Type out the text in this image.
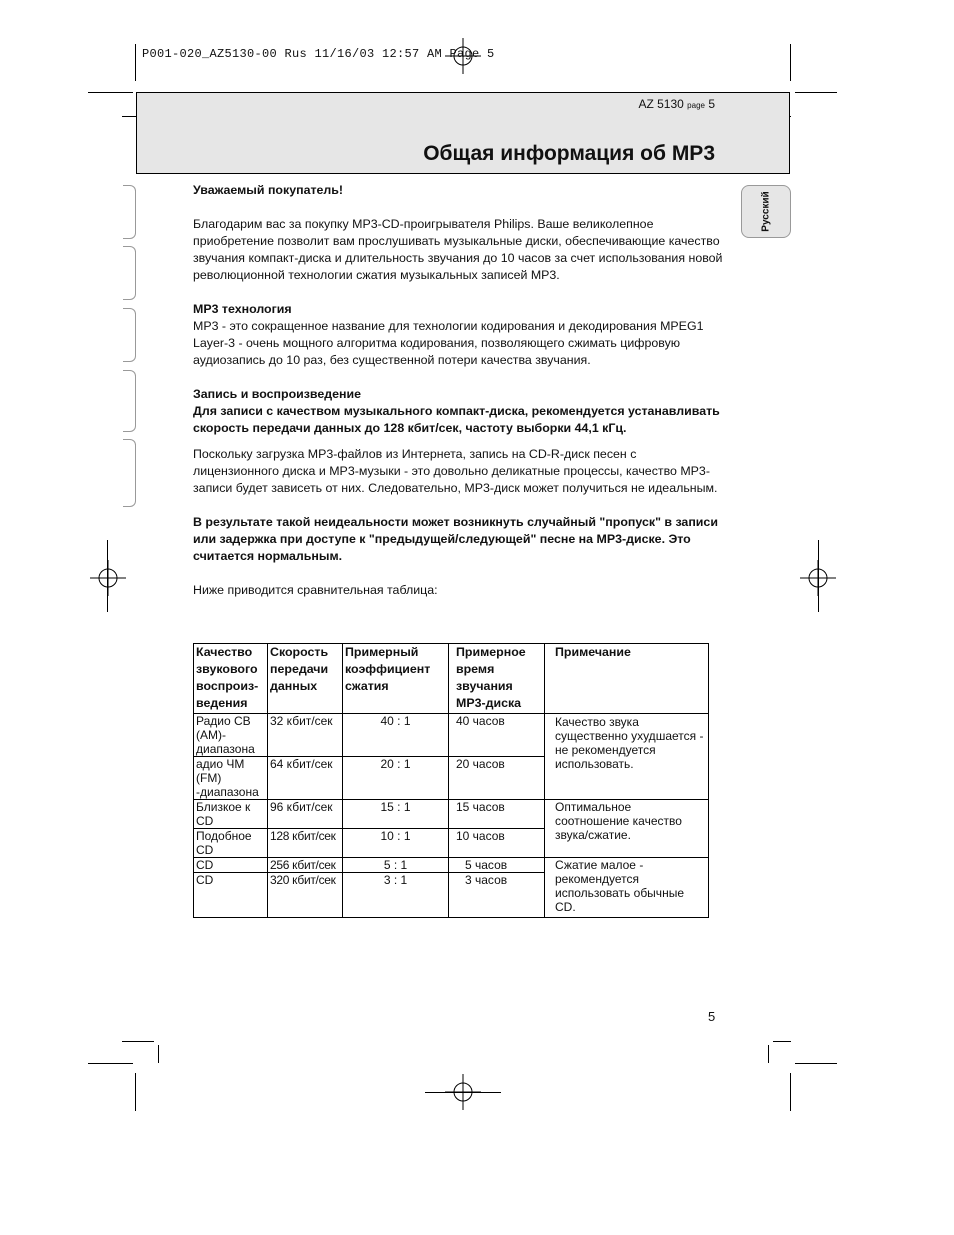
P001-020_AZ5130-00 Rus 11/16/03 12:57 AM Page 5
AZ 5130 page 5
Общая информация об MP3
Русский

Уважаемый покупатель!

Благодарим вас за покупку MP3-CD-проигрывателя Philips. Ваше великолепное приобретение позволит вам прослушивать музыкальные диски, обеспечивающие качество звучания компакт-диска и длительность звучания до 10 часов за счет использования новой революционной технологии сжатия музыкальных записей MP3.

MP3 технология

MP3 - это сокращенное название для технологии кодирования и декодирования MPEG1 Layer-3 - очень мощного алгоритма кодирования, позволяющего сжимать цифровую аудиозапись до 10 раз, без существенной потери качества звучания.

Запись и воспроизведение

Для записи с качеством музыкального компакт-диска, рекомендуется устанавливать скорость передачи данных до 128 кбит/сек, частоту выборки 44,1 кГц.

Поскольку загрузка MP3-файлов из Интернета, запись на CD-R-диск песен с лицензионного диска и MP3-музыки - это довольно деликатные процессы, качество MP3-записи будет зависеть от них. Следовательно, MP3-диск может получиться не идеальным.

В результате такой неидеальности может возникнуть случайный "пропуск" в записи или задержка при доступе к "предыдущей/следующей" песне на MP3-диске. Это считается нормальным.

Ниже приводится сравнительная таблица:

Качество звукового воспроиз-ведения	Скорость передачи данных	Примерный коэффициент сжатия	Примерное время звучания MP3-диска	Примечание
Радио СВ (АМ)-диапазона	32 кбит/сек	40 : 1	40 часов	Качество звука существенно ухудшается - не рекомендуется использовать.
адио ЧМ (FM) -диапазона	64 кбит/сек	20 : 1	20 часов	
Близкое к CD	96 кбит/сек	15 : 1	15 часов	Оптимальное соотношение качество звука/сжатие.
Подобное CD	128 кбит/сек	10 : 1	10 часов	
CD	256 кбит/сек	5 : 1	5 часов	Сжатие малое - рекомендуется использовать обычные CD.
CD	320 кбит/сек	3 : 1	3 часов	
5
